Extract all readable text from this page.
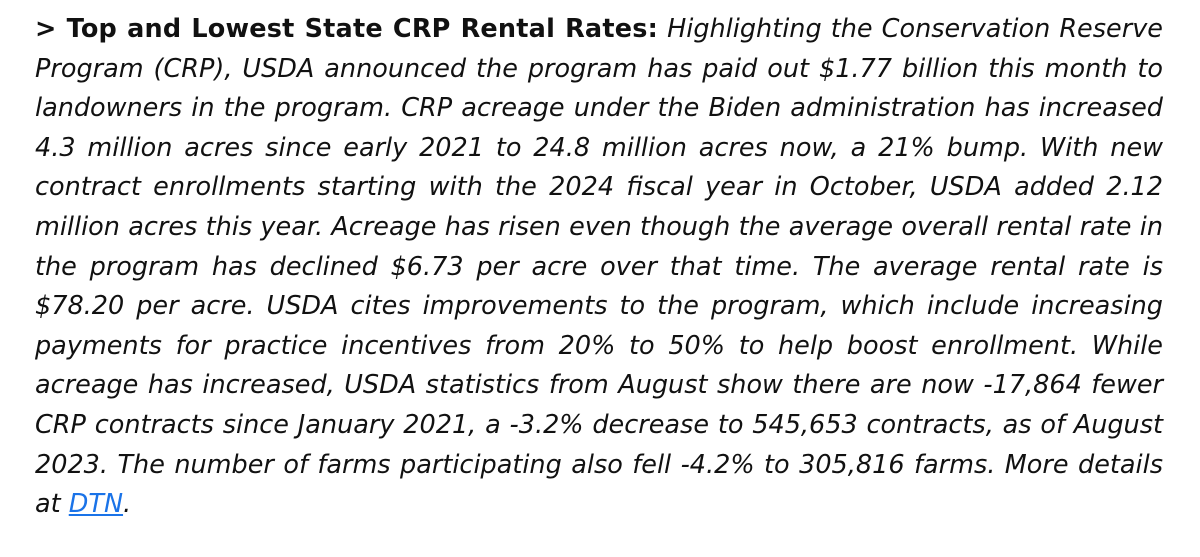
> Top and Lowest State CRP Rental Rates: Highlighting the Conservation Reserve Program (CRP), USDA announced the program has paid out $1.77 billion this month to landowners in the program. CRP acreage under the Biden administration has increased 4.3 million acres since early 2021 to 24.8 million acres now, a 21% bump. With new contract enrollments starting with the 2024 fiscal year in October, USDA added 2.12 million acres this year. Acreage has risen even though the average overall rental rate in the program has declined $6.73 per acre over that time. The average rental rate is $78.20 per acre. USDA cites improvements to the program, which include increasing payments for practice incentives from 20% to 50% to help boost enrollment. While acreage has increased, USDA statistics from August show there are now -17,864 fewer CRP contracts since January 2021, a -3.2% decrease to 545,653 contracts, as of August 2023. The number of farms participating also fell -4.2% to 305,816 farms. More details at DTN.
